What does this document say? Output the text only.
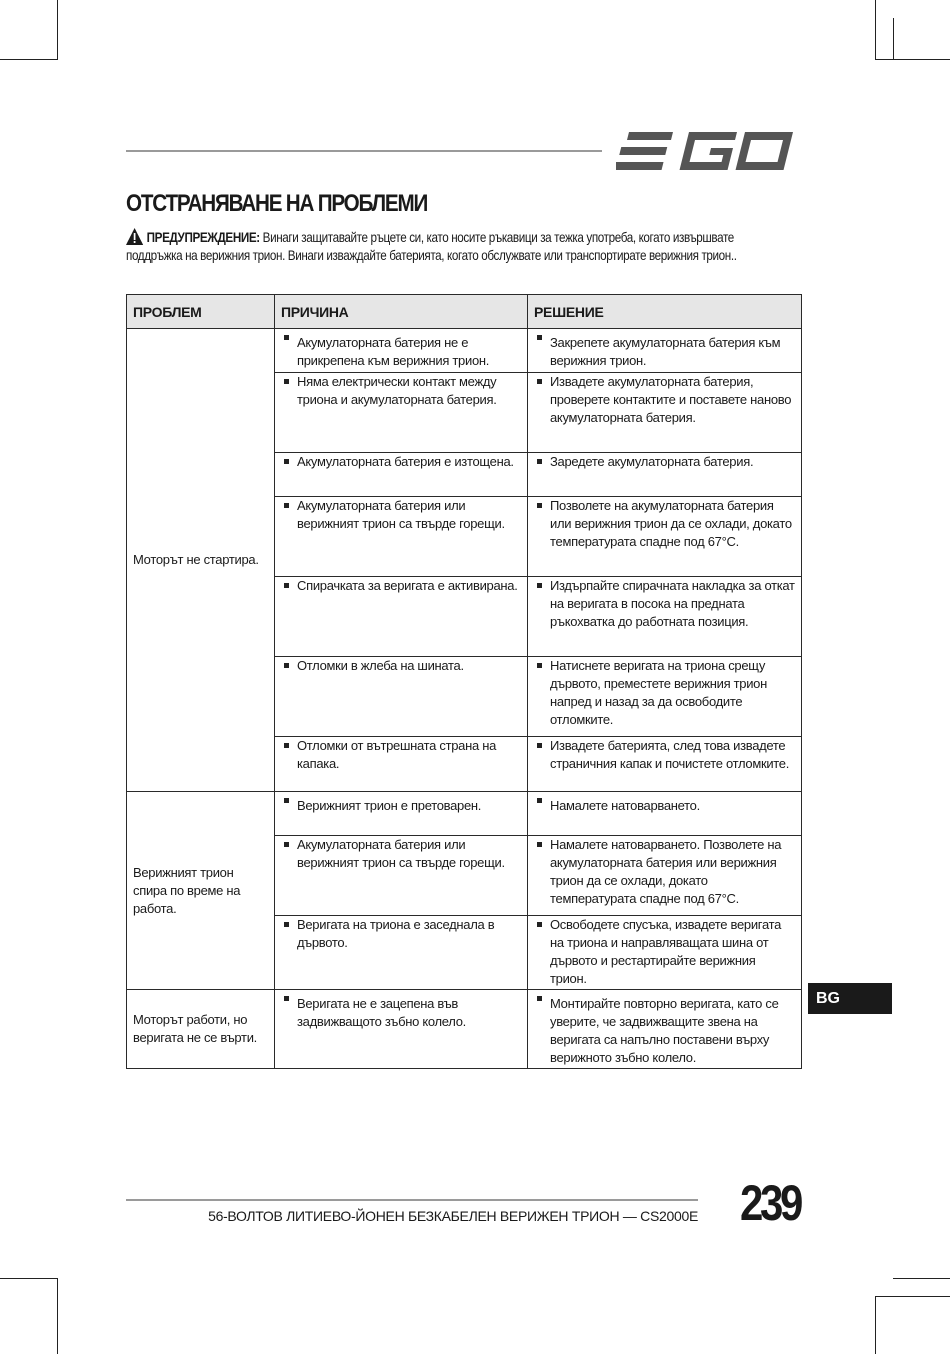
ОТСТРАНЯВАНЕ НА ПРОБЛЕМИ
ПРЕДУПРЕЖДЕНИЕ: Винаги защитавайте ръцете си, като носите ръкавици за тежка употреба, когато извършвате
поддръжка на верижния трион. Винаги изваждайте батерията, когато обслужвате или транспортирате верижния трион..
ПРОБЛЕМ	ПРИЧИНА	РЕШЕНИЕ
Моторът не стартира.	Акумулаторната батерия не е прикрепена към верижния трион.	Закрепете акумулаторната батерия към верижния трион.

	Няма електрически контакт между триона и акумулаторната батерия.	Извадете акумулаторната батерия, проверете контактите и поставете наново акумулаторната батерия.

	Акумулаторната батерия е изтощена.	Заредете акумулаторната батерия.

	Акумулаторната батерия или верижният трион са твърде горещи.	Позволете на акумулаторната батерия или верижния трион да се охлади, докато температурата спадне под 67°C.

	Спирачката за веригата е активирана.	Издърпайте спирачната накладка за откат на веригата в посока на предната ръкохватка до работната позиция.

	Отломки в жлеба на шината.	Натиснете веригата на триона срещу дървото, преместете верижния трион напред и назад за да освободите отломките.

	Отломки от вътрешната страна на капака.	Извадете батерията, след това извадете страничния капак и почистете отломките.

Верижният трион спира по време на работа.	Верижният трион е претоварен.	Намалете натоварването.

	Акумулаторната батерия или верижният трион са твърде горещи.	Намалете натоварването. Позволете на акумулаторната батерия или верижния трион да се охлади, докато температурата спадне под 67°C.

	Веригата на триона е заседнала в дървото.	Освободете спусъка, извадете веригата на триона и направляващата шина от дървото и рестартирайте верижния трион.

Моторът работи, но веригата не се върти.	Веригата не е зацепена във задвижващото зъбно колело.	Монтирайте повторно веригата, като се уверите, че задвижващите звена на веригата са напълно поставени върху верижното зъбно колело.
BG
56-ВОЛТОВ ЛИТИЕВО-ЙОНЕН БЕЗКАБЕЛЕН ВЕРИЖЕН ТРИОН — CS2000E 239
